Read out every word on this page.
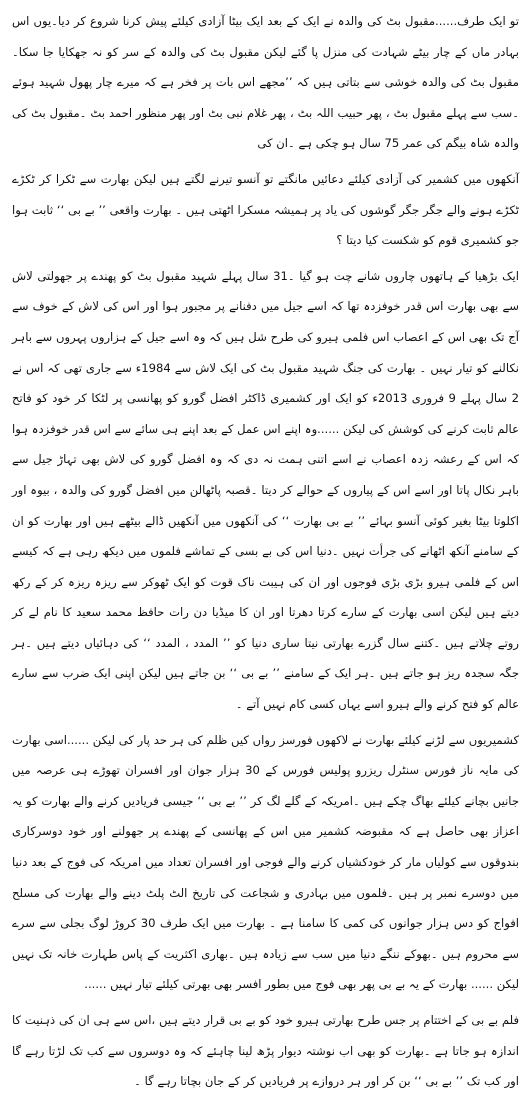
تو ایک طرف......مقبول بٹ کی والدہ نے ایک کے بعد ایک بیٹا آزادی کیلئے پیش کرنا شروع کر دیا۔یوں اس بہادر ماں کے چار بیٹے شہادت کی منزل پا گئے لیکن مقبول بٹ کی والدہ کے سر کو نہ جھکایا جا سکا۔مقبول بٹ کی والدہ خوشی سے بتاتی ہیں کہ ’’مجھے اس بات پر فخر ہے کہ میرے چار پھول شہید ہوئے ۔سب سے پہلے مقبول بٹ ، پھر حبیب اللہ بٹ ، پھر غلام نبی بٹ اور پھر منظور احمد بٹ ۔مقبول بٹ کی والدہ شاہ بیگم کی عمر 75 سال ہو چکی ہے ۔ان کی

آنکھوں میں کشمیر کی آزادی کیلئے دعائیں مانگتے تو آنسو تیرنے لگتے ہیں لیکن بھارت سے ٹکرا کر ٹکڑے ٹکڑے ہونے والے جگر جگر گوشوں کی یاد پر ہمیشہ مسکرا اٹھتی ہیں ۔ بھارت واقعی ’’ بے بی ‘‘ ثابت ہوا جو کشمیری قوم کو شکست کیا دیتا ؟

ایک بڑھیا کے ہاتھوں چاروں شانے چت ہو گیا ۔31 سال پہلے شہید مقبول بٹ کو پھندے پر جھولتی لاش سے بھی بھارت اس قدر خوفزدہ تھا کہ اسے جیل میں دفنانے پر مجبور ہوا اور اس کی لاش کے خوف سے آج تک بھی اس کے اعصاب اس فلمی ہیرو کی طرح شل ہیں کہ وہ اسے جیل کے ہزاروں پہروں سے باہر نکالنے کو تیار نہیں ۔ بھارت کی جنگ شہید مقبول بٹ کی ایک لاش سے 1984ء سے جاری تھی کہ اس نے 2 سال پہلے 9 فروری 2013ء کو ایک اور کشمیری ڈاکٹر افضل گورو کو پھانسی پر لٹکا کر خود کو فاتح عالم ثابت کرنے کی کوشش کی لیکن ......وہ اپنے اس عمل کے بعد اپنے ہی سائے سے اس قدر خوفزدہ ہوا کہ اس کے رعشہ زدہ اعصاب نے اسے اتنی ہمت نہ دی کہ وہ افضل گورو کی لاش بھی تہاڑ جیل سے باہر نکال پاتا اور اسے اس کے پیاروں کے حوالے کر دیتا ۔قصبہ پاٹھالن میں افضل گورو کی والدہ ، بیوہ اور اکلوتا بیٹا بغیر کوئی آنسو بہائے ’’ بے بی بھارت ‘‘ کی آنکھوں میں آنکھیں ڈالے بیٹھے ہیں اور بھارت کو ان کے سامنے آنکھ اٹھانے کی جرأت نہیں ۔دنیا اس کی بے بسی کے تماشے فلموں میں دیکھ رہی ہے کہ کیسے اس کے فلمی ہیرو بڑی بڑی فوجوں اور ان کی ہیبت ناک قوت کو ایک ٹھوکر سے ریزہ ریزہ کر کے رکھ دیتے ہیں لیکن اسی بھارت کے سارے کرتا دھرتا اور ان کا میڈیا دن رات حافظ محمد سعید کا نام لے کر روتے چلاتے ہیں ۔کتنے سال گزرے بھارتی نیتا ساری دنیا کو ’’ المدد ، المدد ‘‘ کی دہائیاں دیتے ہیں ۔ہر جگہ سجدہ ریز ہو جاتے ہیں ۔ہر ایک کے سامنے ’’ بے بی ‘‘ بن جاتے ہیں لیکن اپنی ایک ضرب سے سارے عالم کو فتح کرنے والے ہیرو اسے یہاں کسی کام نہیں آتے ۔

کشمیریوں سے لڑنے کیلئے بھارت نے لاکھوں فورسز رواں کیں ظلم کی ہر حد پار کی لیکن ......اسی بھارت کی مایہ ناز فورس سنٹرل ریزرو پولیس فورس کے 30 ہزار جوان اور افسران تھوڑے ہی عرصہ میں جانیں بچانے کیلئے بھاگ چکے ہیں ۔امریکہ کے گلے لگ کر ’’ بے بی ‘‘ جیسی فریادیں کرنے والے بھارت کو یہ اعزاز بھی حاصل ہے کہ مقبوضہ کشمیر میں اس کے پھانسی کے پھندے پر جھولنے اور خود دوسرکاری بندوقوں سے کولیاں مار کر خودکشیاں کرنے والے فوجی اور افسران تعداد میں امریکہ کی فوج کے بعد دنیا میں دوسرے نمبر پر ہیں ۔فلموں میں بہادری و شجاعت کی تاریخ الٹ پلٹ دینے والے بھارت کی مسلح افواج کو دس ہزار جوانوں کی کمی کا سامنا ہے ۔ بھارت میں ایک طرف 30 کروڑ لوگ بجلی سے سرے سے محروم ہیں ۔بھوکے ننگے دنیا میں سب سے زیادہ ہیں ۔بھاری اکثریت کے پاس طہارت خانہ تک نہیں لیکن ...... بھارت کے یہ بے بی پھر بھی فوج میں بطور افسر بھی بھرتی کیلئے تیار نہیں ......

فلم بے بی کے اختتام پر جس طرح بھارتی ہیرو خود کو بے بی قرار دیتے ہیں ،اس سے ہی ان کی ذہنیت کا اندازہ ہو جاتا ہے ۔بھارت کو بھی اب نوشتہ دیوار پڑھ لینا چاہئے کہ وہ دوسروں سے کب تک لڑتا رہے گا اور کب تک ’’ بے بی ‘‘ بن کر اور ہر دروازے پر فریادیں کر کے جان بچاتا رہے گا ۔
